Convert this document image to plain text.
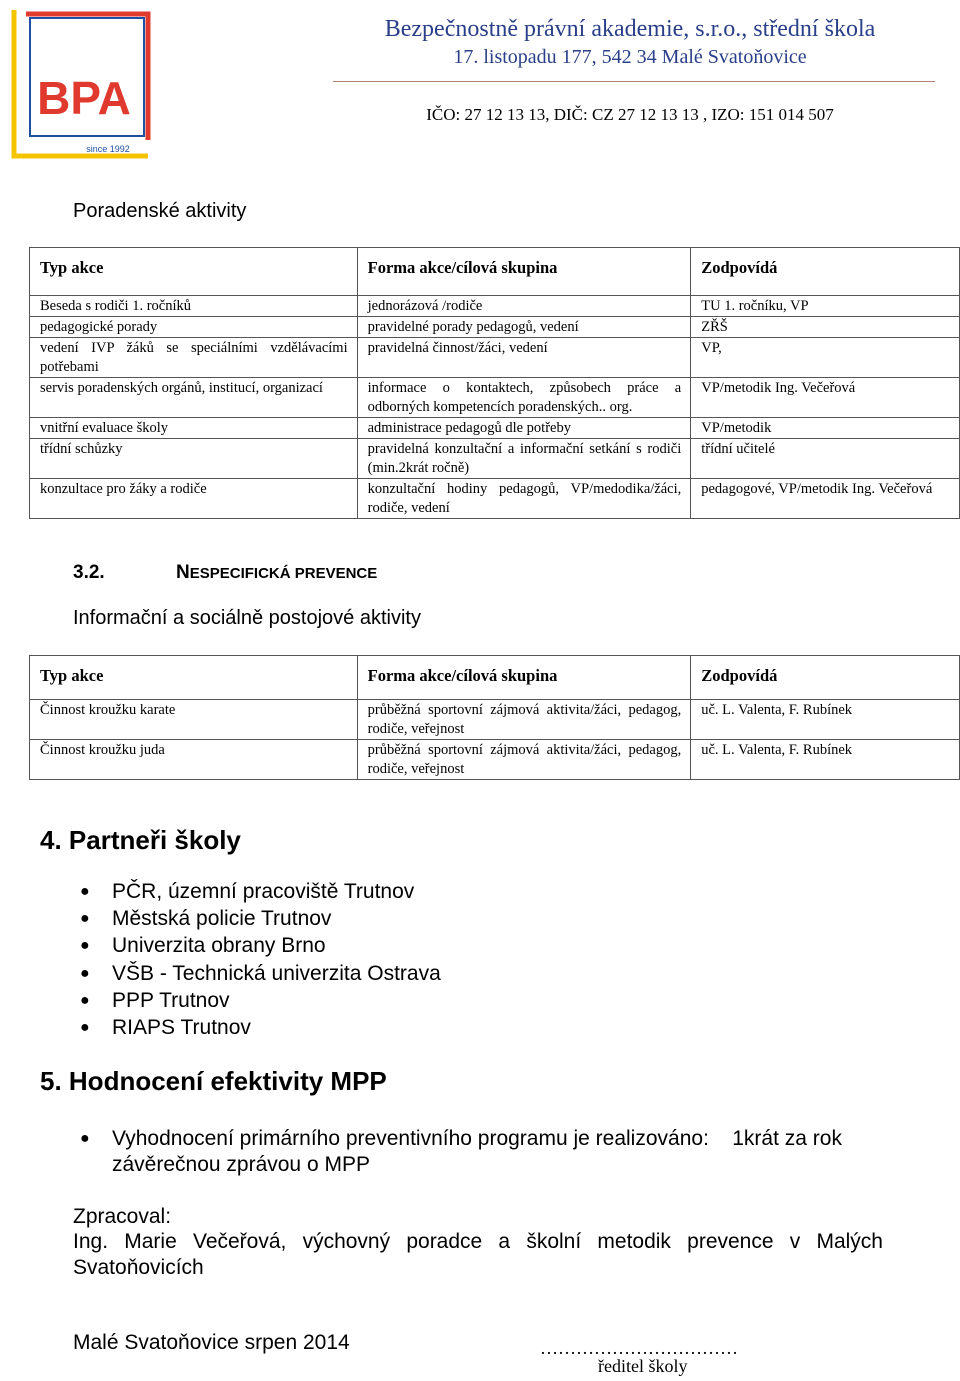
BPA
since 1992
Bezpečnostně právní akademie, s.r.o., střední škola
17. listopadu 177, 542 34 Malé Svatoňovice
IČO: 27 12 13 13, DIČ: CZ 27 12 13 13 , IZO: 151 014 507
Poradenské aktivity
Typ akce	Forma akce/cílová skupina	Zodpovídá
Beseda s rodiči 1. ročníků	jednorázová /rodiče	TU 1. ročníku, VP
pedagogické porady	pravidelné porady pedagogů, vedení	ZŘŠ
vedení IVP žáků se speciálními vzdělávacími potřebami	pravidelná činnost/žáci, vedení	VP,
servis poradenských orgánů, institucí, organizací	informace o kontaktech, způsobech práce a odborných kompetencích poradenských.. org.	VP/metodik Ing. Večeřová
vnitřní evaluace školy	administrace pedagogů dle potřeby	VP/metodik
třídní schůzky	pravidelná konzultační a informační setkání s rodiči (min.2krát ročně)	třídní učitelé
konzultace pro žáky a rodiče	konzultační hodiny pedagogů, VP/medodika/žáci, rodiče, vedení	pedagogové, VP/metodik Ing. Večeřová
3.2.	NESPECIFICKÁ PREVENCE
Informační a sociálně postojové aktivity
Typ akce	Forma akce/cílová skupina	Zodpovídá
Činnost kroužku karate	průběžná sportovní zájmová aktivita/žáci, pedagog, rodiče, veřejnost	uč. L. Valenta, F. Rubínek
Činnost kroužku juda	průběžná sportovní zájmová aktivita/žáci, pedagog, rodiče, veřejnost	uč. L. Valenta, F. Rubínek
4. Partneři školy
● PČR, územní pracoviště Trutnov
● Městská policie Trutnov
● Univerzita obrany Brno
● VŠB - Technická univerzita Ostrava
● PPP Trutnov
● RIAPS Trutnov
5. Hodnocení efektivity MPP
● Vyhodnocení primárního preventivního programu je realizováno:    1krát za rok závěrečnou zprávou o MPP
Zpracoval:
Ing. Marie Večeřová, výchovný poradce a školní metodik prevence v Malých Svatoňovicích
Malé Svatoňovice srpen 2014	……………………………
ředitel školy
